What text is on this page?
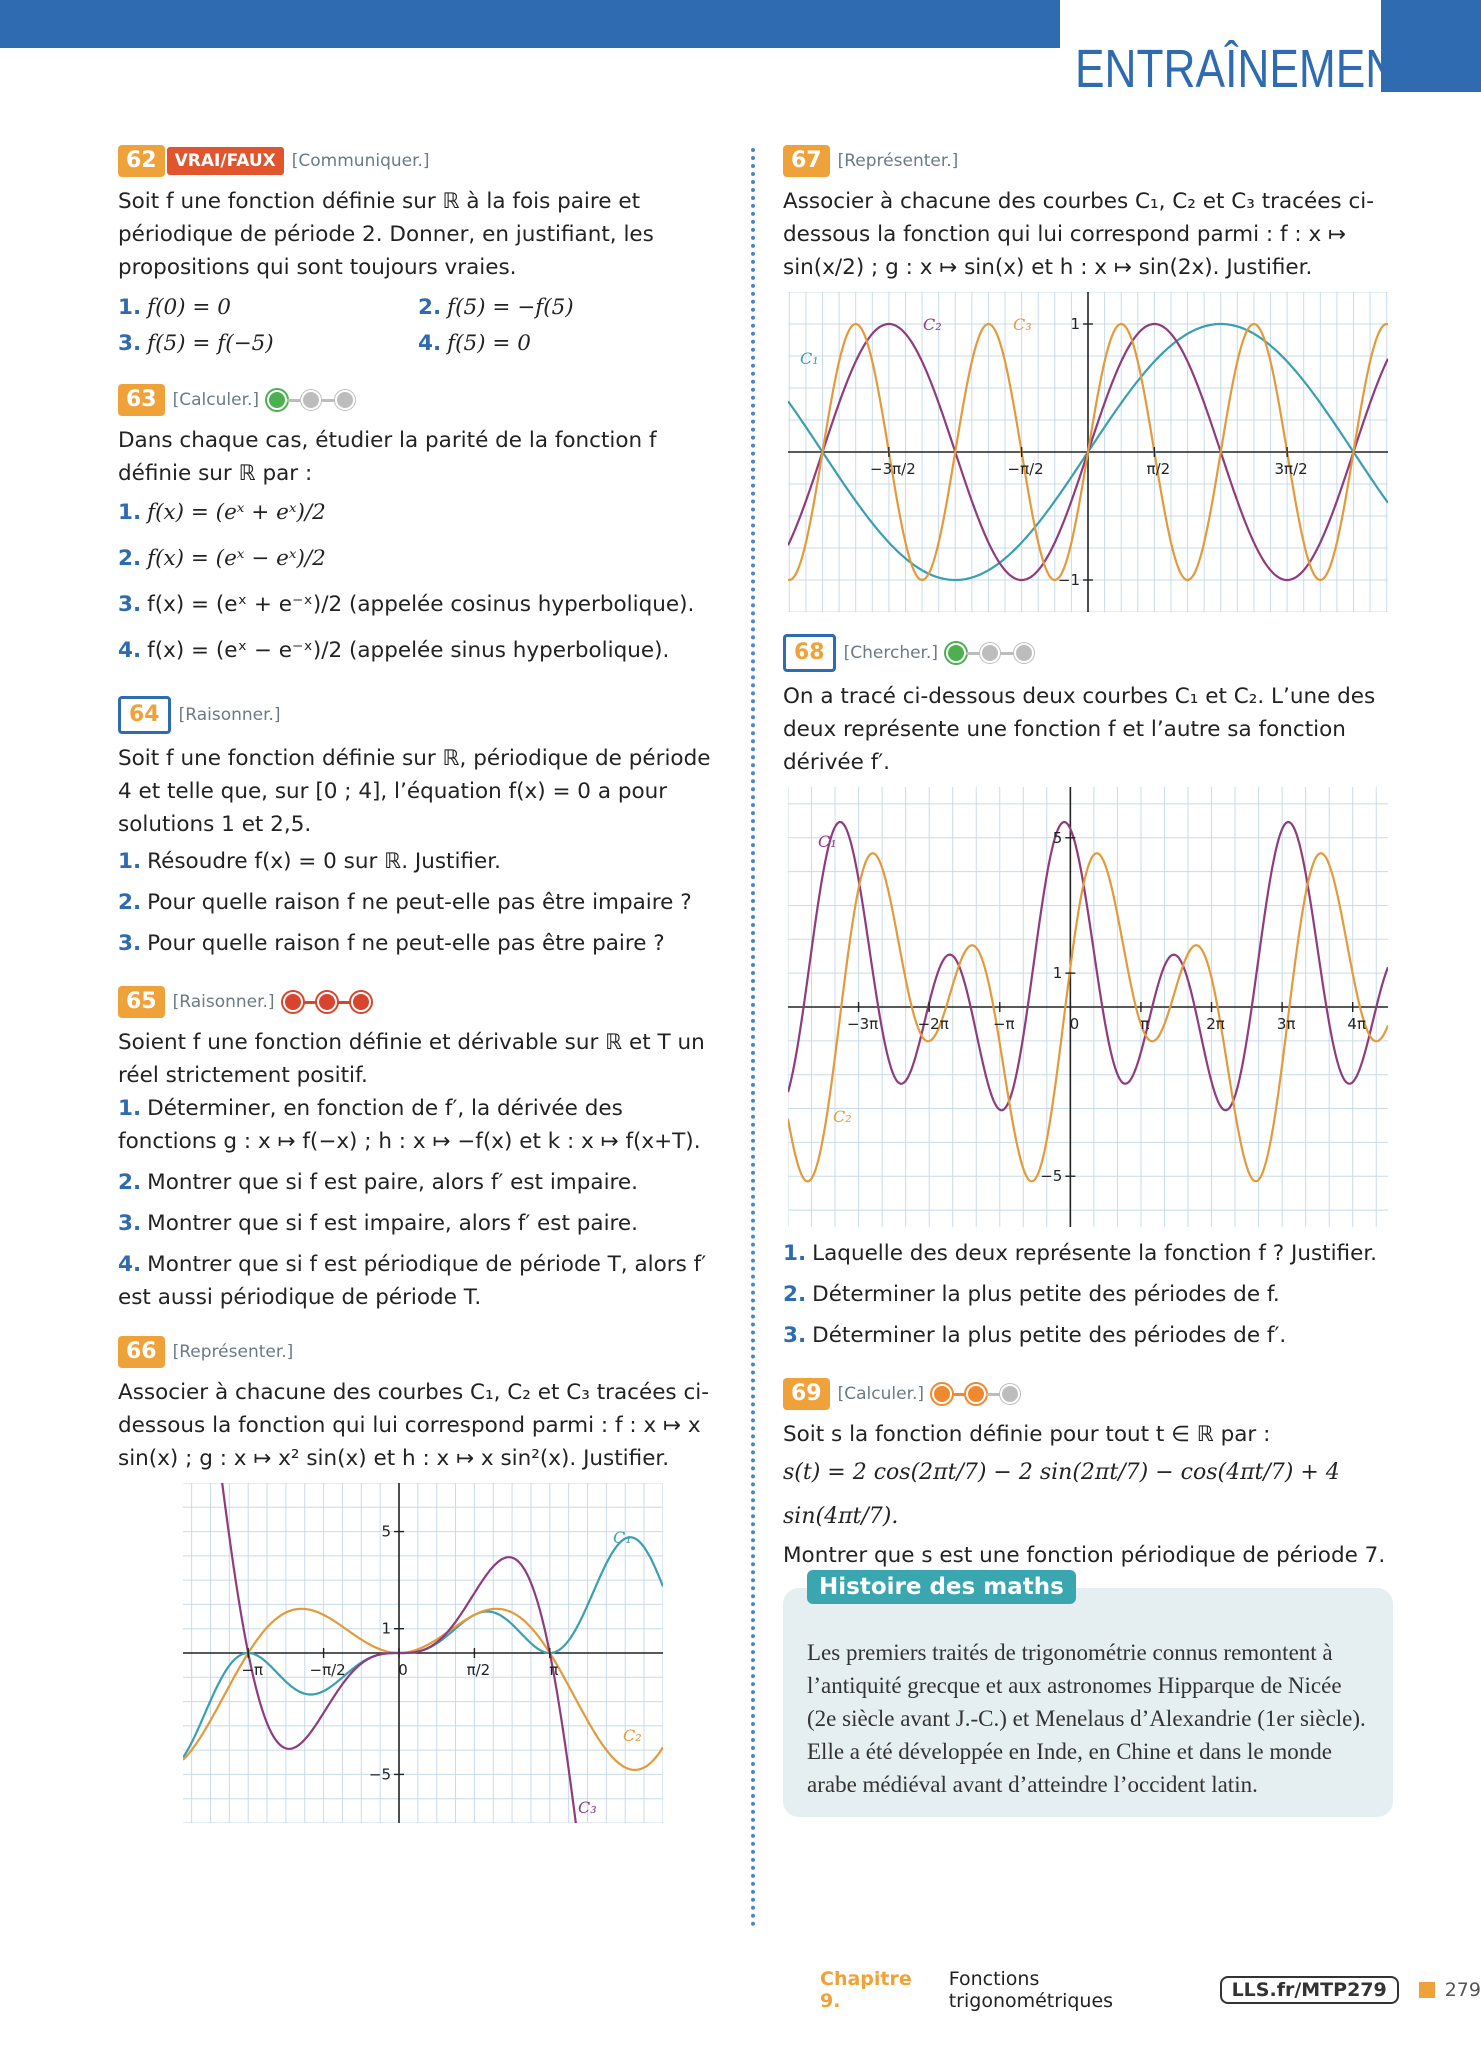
ENTRAÎNEMENT
62	VRAI/FAUX [Communiquer.]

Soit f une fonction définie sur ℝ à la fois paire et périodique de période 2. Donner, en justifiant, les propositions qui sont toujours vraies.

1. f(0) = 0	2. f(5) = −f(5)
3. f(5) = f(−5)	4. f(5) = 0
63 [Calculer.]

Dans chaque cas, étudier la parité de la fonction f définie sur ℝ par :

1. f(x) = (eˣ + eˣ)/2
2. f(x) = (eˣ − eˣ)/2
3. f(x) = (eˣ + e⁻ˣ)/2 (appelée cosinus hyperbolique).
4. f(x) = (eˣ − e⁻ˣ)/2 (appelée sinus hyperbolique).
64	[Raisonner.]

Soit f une fonction définie sur ℝ, périodique de période 4 et telle que, sur [0 ; 4], l’équation f(x) = 0 a pour solutions 1 et 2,5.

1. Résoudre f(x) = 0 sur ℝ. Justifier.
2. Pour quelle raison f ne peut-elle pas être impaire ?
3. Pour quelle raison f ne peut-elle pas être paire ?
65 [Raisonner.]

Soient f une fonction définie et dérivable sur ℝ et T un réel strictement positif.

1. Déterminer, en fonction de f′, la dérivée des fonctions g : x ↦ f(−x) ; h : x ↦ −f(x) et k : x ↦ f(x+T).
2. Montrer que si f est paire, alors f′ est impaire.
3. Montrer que si f est impaire, alors f′ est paire.
4. Montrer que si f est périodique de période T, alors f′ est aussi périodique de période T.
66 [Représenter.]

Associer à chacune des courbes C₁, C₂ et C₃ tracées ci-dessous la fonction qui lui correspond parmi : f : x ↦ x sin(x) ; g : x ↦ x² sin(x) et h : x ↦ x sin²(x). Justifier.

C₁
C₂
C₃
−π	−π/2	0	π/2	π
5
1
−5
67 [Représenter.]

Associer à chacune des courbes C₁, C₂ et C₃ tracées ci-dessous la fonction qui lui correspond parmi : f : x ↦ sin(x/2) ; g : x ↦ sin(x) et h : x ↦ sin(2x). Justifier.

C₁
C₂	C₃
−3π/2	−π/2	π/2	3π/2
1
−1
68	[Chercher.]

On a tracé ci-dessous deux courbes C₁ et C₂. L’une des deux représente une fonction f et l’autre sa fonction dérivée f′.

C₁
C₂
−3π	−2π	−π	0	π	2π	3π	4π
5
1
−5
1. Laquelle des deux représente la fonction f ? Justifier.
2. Déterminer la plus petite des périodes de f.
3. Déterminer la plus petite des périodes de f′.
69 [Calculer.]

Soit s la fonction définie pour tout t ∈ ℝ par :

s(t) = 2 cos(2πt/7) − 2 sin(2πt/7) − cos(4πt/7) + 4 sin(4πt/7).

Montrer que s est une fonction périodique de période 7.

Histoire des maths

Les premiers traités de trigonométrie connus remontent à l’antiquité grecque et aux astronomes Hipparque de Nicée (2e siècle avant J.-C.) et Menelaus d’Alexandrie (1er siècle). Elle a été développée en Inde, en Chine et dans le monde arabe médiéval avant d’atteindre l’occident latin.

Chapitre 9.
Fonctions trigonométriques	LLS.fr/MTP279	279
